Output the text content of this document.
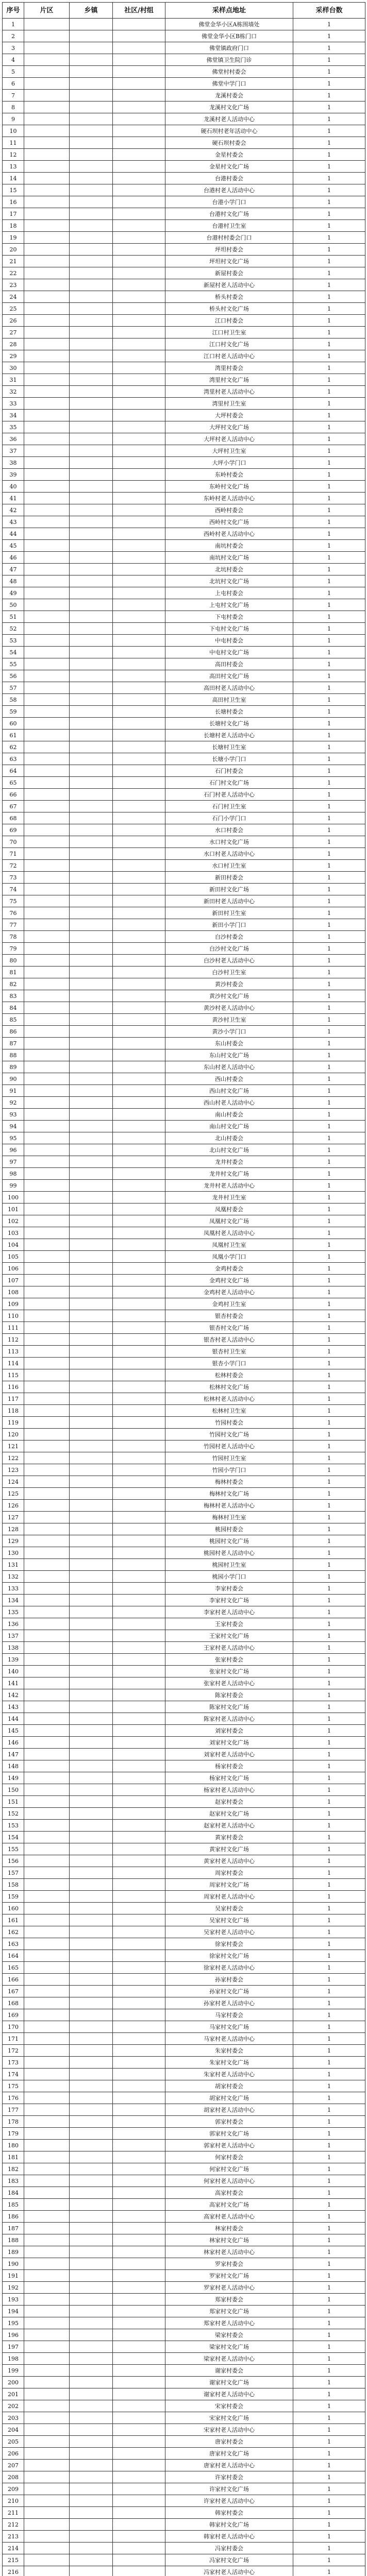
序号	片区	乡镇	社区/村组	采样点地址	采样台数
1				佛堂金华小区A栋围墙处	1
2				佛堂金华小区B栋门口	1
3				佛堂镇政府门口	1
4				佛堂镇卫生院门诊	1
5				佛堂村村委会	1
6				佛堂中学门口	1
7				龙溪村委会	1
8				龙溪村文化广场	1
9				龙溪村老人活动中心	1
10				硬石坝村老年活动中心	1
11				硬石坝村委会	1
12				金星村委会	1
13				金星村文化广场	1
14				台港村委会	1
15				台港村老人活动中心	1
16				台港小学门口	1
17				台港村文化广场	1
18				台港村卫生室	1
19				台港村村委会门口	1
20				坪坦村委会	1
21				坪坦村文化广场	1
22				新屋村委会	1
23				新屋村老人活动中心	1
24				桥头村委会	1
25				桥头村文化广场	1
26				江口村委会	1
27				江口村卫生室	1
28				江口村文化广场	1
29				江口村老人活动中心	1
30				湾里村委会	1
31				湾里村文化广场	1
32				湾里村老人活动中心	1
33				湾里村卫生室	1
34				大坪村委会	1
35				大坪村文化广场	1
36				大坪村老人活动中心	1
37				大坪村卫生室	1
38				大坪小学门口	1
39				东岭村委会	1
40				东岭村文化广场	1
41				东岭村老人活动中心	1
42				西岭村委会	1
43				西岭村文化广场	1
44				西岭村老人活动中心	1
45				南坑村委会	1
46				南坑村文化广场	1
47				北坑村委会	1
48				北坑村文化广场	1
49				上屯村委会	1
50				上屯村文化广场	1
51				下屯村委会	1
52				下屯村文化广场	1
53				中屯村委会	1
54				中屯村文化广场	1
55				高田村委会	1
56				高田村文化广场	1
57				高田村老人活动中心	1
58				高田村卫生室	1
59				长塘村委会	1
60				长塘村文化广场	1
61				长塘村老人活动中心	1
62				长塘村卫生室	1
63				长塘小学门口	1
64				石门村委会	1
65				石门村文化广场	1
66				石门村老人活动中心	1
67				石门村卫生室	1
68				石门小学门口	1
69				水口村委会	1
70				水口村文化广场	1
71				水口村老人活动中心	1
72				水口村卫生室	1
73				新田村委会	1
74				新田村文化广场	1
75				新田村老人活动中心	1
76				新田村卫生室	1
77				新田小学门口	1
78				白沙村委会	1
79				白沙村文化广场	1
80				白沙村老人活动中心	1
81				白沙村卫生室	1
82				黄沙村委会	1
83				黄沙村文化广场	1
84				黄沙村老人活动中心	1
85				黄沙村卫生室	1
86				黄沙小学门口	1
87				东山村委会	1
88				东山村文化广场	1
89				东山村老人活动中心	1
90				西山村委会	1
91				西山村文化广场	1
92				西山村老人活动中心	1
93				南山村委会	1
94				南山村文化广场	1
95				北山村委会	1
96				北山村文化广场	1
97				龙井村委会	1
98				龙井村文化广场	1
99				龙井村老人活动中心	1
100				龙井村卫生室	1
101				凤凰村委会	1
102				凤凰村文化广场	1
103				凤凰村老人活动中心	1
104				凤凰村卫生室	1
105				凤凰小学门口	1
106				金鸡村委会	1
107				金鸡村文化广场	1
108				金鸡村老人活动中心	1
109				金鸡村卫生室	1
110				银杏村委会	1
111				银杏村文化广场	1
112				银杏村老人活动中心	1
113				银杏村卫生室	1
114				银杏小学门口	1
115				松林村委会	1
116				松林村文化广场	1
117				松林村老人活动中心	1
118				松林村卫生室	1
119				竹园村委会	1
120				竹园村文化广场	1
121				竹园村老人活动中心	1
122				竹园村卫生室	1
123				竹园小学门口	1
124				梅林村委会	1
125				梅林村文化广场	1
126				梅林村老人活动中心	1
127				梅林村卫生室	1
128				桃园村委会	1
129				桃园村文化广场	1
130				桃园村老人活动中心	1
131				桃园村卫生室	1
132				桃园小学门口	1
133				李家村委会	1
134				李家村文化广场	1
135				李家村老人活动中心	1
136				王家村委会	1
137				王家村文化广场	1
138				王家村老人活动中心	1
139				张家村委会	1
140				张家村文化广场	1
141				张家村老人活动中心	1
142				陈家村委会	1
143				陈家村文化广场	1
144				陈家村老人活动中心	1
145				刘家村委会	1
146				刘家村文化广场	1
147				刘家村老人活动中心	1
148				杨家村委会	1
149				杨家村文化广场	1
150				杨家村老人活动中心	1
151				赵家村委会	1
152				赵家村文化广场	1
153				赵家村老人活动中心	1
154				黄家村委会	1
155				黄家村文化广场	1
156				黄家村老人活动中心	1
157				周家村委会	1
158				周家村文化广场	1
159				周家村老人活动中心	1
160				吴家村委会	1
161				吴家村文化广场	1
162				吴家村老人活动中心	1
163				徐家村委会	1
164				徐家村文化广场	1
165				徐家村老人活动中心	1
166				孙家村委会	1
167				孙家村文化广场	1
168				孙家村老人活动中心	1
169				马家村委会	1
170				马家村文化广场	1
171				马家村老人活动中心	1
172				朱家村委会	1
173				朱家村文化广场	1
174				朱家村老人活动中心	1
175				胡家村委会	1
176				胡家村文化广场	1
177				胡家村老人活动中心	1
178				郭家村委会	1
179				郭家村文化广场	1
180				郭家村老人活动中心	1
181				何家村委会	1
182				何家村文化广场	1
183				何家村老人活动中心	1
184				高家村委会	1
185				高家村文化广场	1
186				高家村老人活动中心	1
187				林家村委会	1
188				林家村文化广场	1
189				林家村老人活动中心	1
190				罗家村委会	1
191				罗家村文化广场	1
192				罗家村老人活动中心	1
193				郑家村委会	1
194				郑家村文化广场	1
195				郑家村老人活动中心	1
196				梁家村委会	1
197				梁家村文化广场	1
198				梁家村老人活动中心	1
199				谢家村委会	1
200				谢家村文化广场	1
201				谢家村老人活动中心	1
202				宋家村委会	1
203				宋家村文化广场	1
204				宋家村老人活动中心	1
205				唐家村委会	1
206				唐家村文化广场	1
207				唐家村老人活动中心	1
208				许家村委会	1
209				许家村文化广场	1
210				许家村老人活动中心	1
211				韩家村委会	1
212				韩家村文化广场	1
213				韩家村老人活动中心	1
214				冯家村委会	1
215				冯家村文化广场	1
216				冯家村老人活动中心	1
